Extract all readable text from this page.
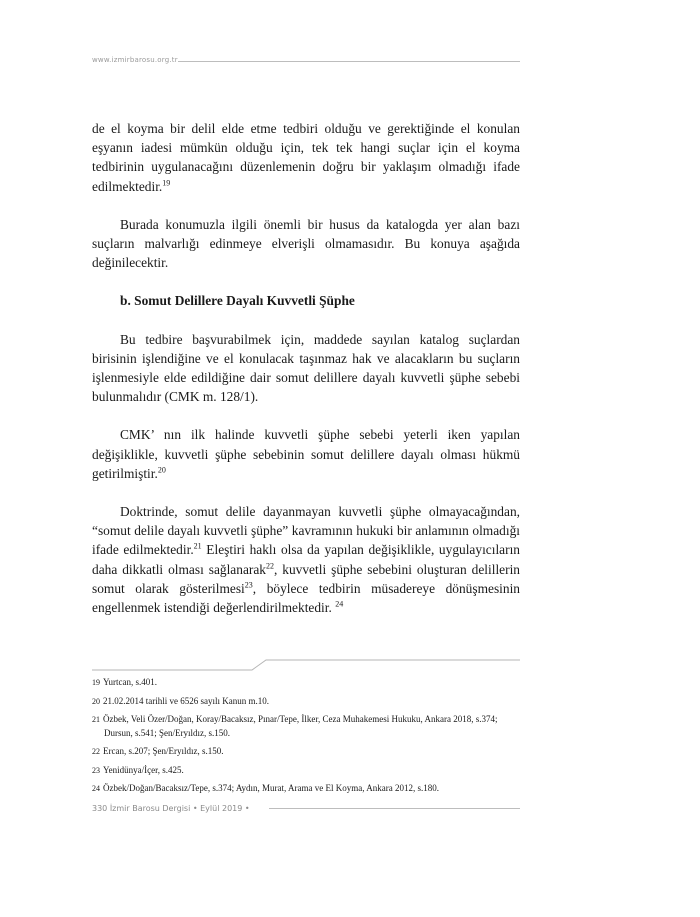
www.izmirbarosu.org.tr

de el koyma bir delil elde etme tedbiri olduğu ve gerektiğinde el konulan eşyanın iadesi mümkün olduğu için, tek tek hangi suçlar için el koyma tedbirinin uygulanacağını düzenlemenin doğru bir yaklaşım olmadığı ifade edilmektedir.$^{19}$

Burada konumuzla ilgili önemli bir husus da katalogda yer alan bazı suçların malvarlığı edinmeye elverişli olmamasıdır. Bu konuya aşağıda değinilecektir.

b. Somut Delillere Dayalı Kuvvetli Şüphe

Bu tedbire başvurabilmek için, maddede sayılan katalog suçlardan birisinin işlendiğine ve el konulacak taşınmaz hak ve alacakların bu suçların işlenmesiyle elde edildiğine dair somut delillere dayalı kuvvetli şüphe sebebi bulunmalıdır (CMK m. 128/1).

CMK’ nın ilk halinde kuvvetli şüphe sebebi yeterli iken yapılan değişiklikle, kuvvetli şüphe sebebinin somut delillere dayalı olması hükmü getirilmiştir.$^{20}$

Doktrinde, somut delile dayanmayan kuvvetli şüphe olmayacağından, “somut delile dayalı kuvvetli şüphe” kavramının hukuki bir anlamının olmadığı ifade edilmektedir.$^{21}$ Eleştiri haklı olsa da yapılan değişiklikle, uygulayıcıların daha dikkatli olması sağlanarak$^{22}$, kuvvetli şüphe sebebini oluşturan delillerin somut olarak gösterilmesi$^{23}$, böylece tedbirin müsadereye dönüşmesinin engellenmek istendiği değerlendirilmektedir. $^{24}$

19 Yurtcan, s.401.
20 21.02.2014 tarihli ve 6526 sayılı Kanun m.10.
21 Özbek, Veli Özer/Doğan, Koray/Bacaksız, Pınar/Tepe, İlker, Ceza Muhakemesi Hukuku, Ankara 2018, s.374; Dursun, s.541; Şen/Eryıldız, s.150.
22 Ercan, s.207; Şen/Eryıldız, s.150.
23 Yenidünya/İçer, s.425.
24 Özbek/Doğan/Bacaksız/Tepe, s.374; Aydın, Murat, Arama ve El Koyma, Ankara 2012, s.180.
330 İzmir Barosu Dergisi • Eylül 2019 •
